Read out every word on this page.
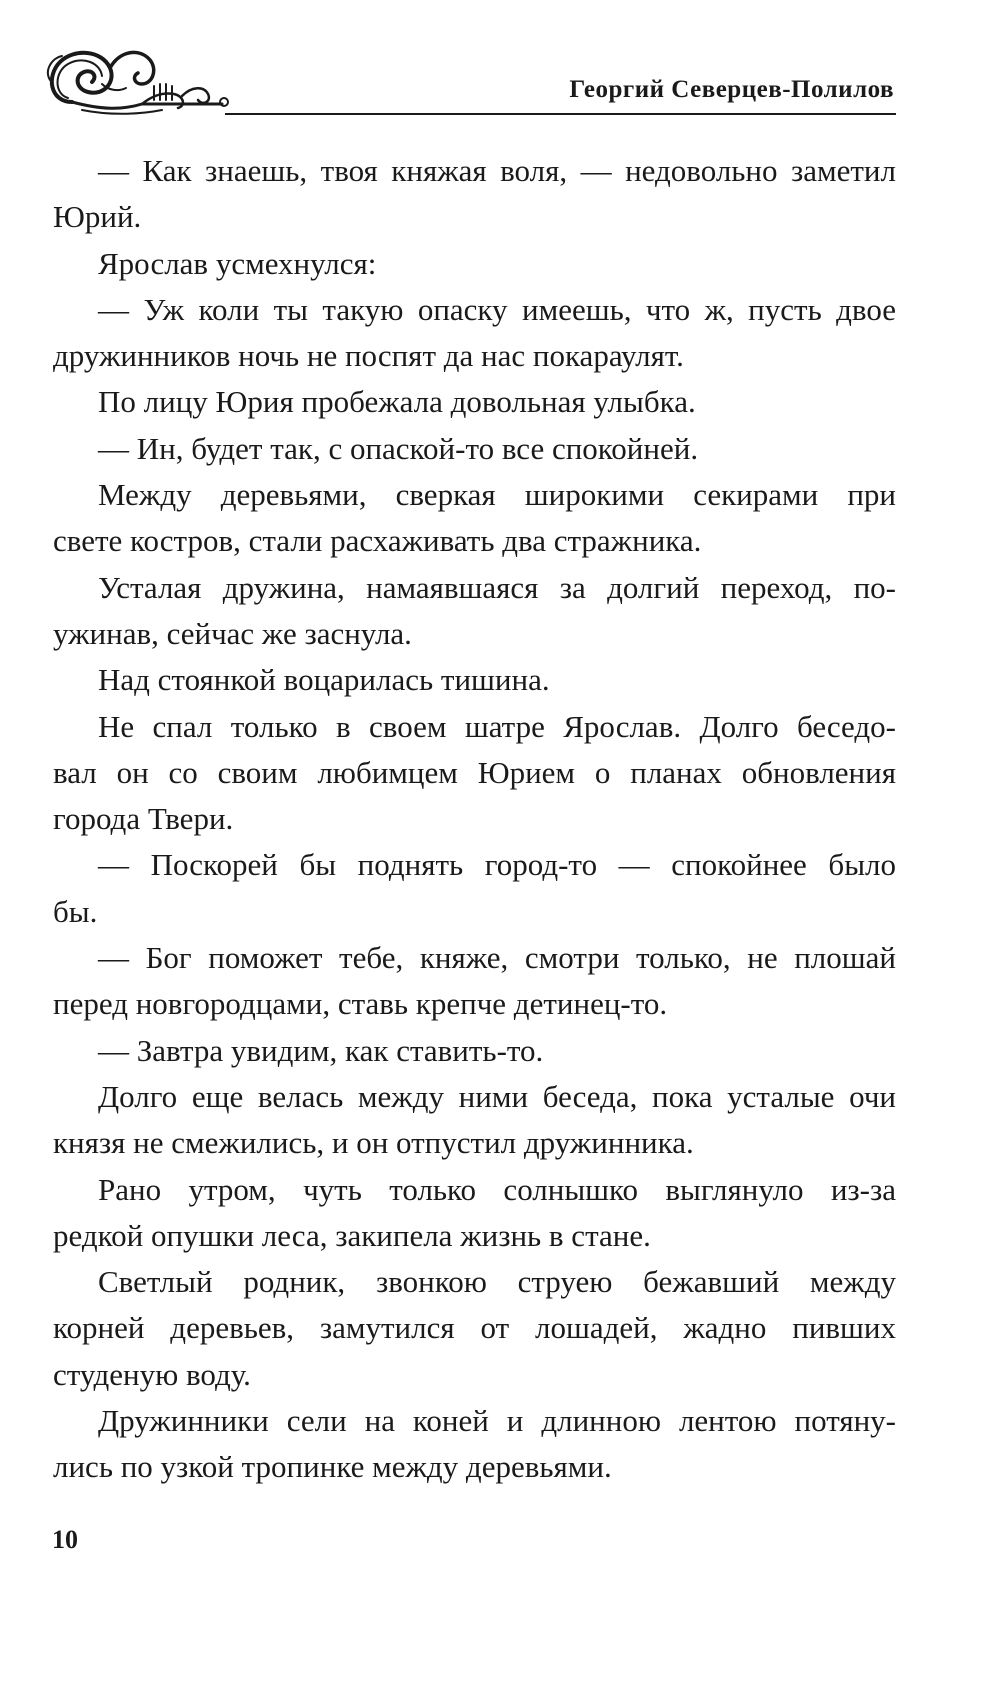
Георгий Северцев-Полилов
— Как знаешь, твоя княжая воля, — недовольно заметил
Юрий.
Ярослав усмехнулся:
— Уж коли ты такую опаску имеешь, что ж, пусть двое
дружинников ночь не поспят да нас покараулят.
По лицу Юрия пробежала довольная улыбка.
— Ин, будет так, с опаской-то все спокойней.
Между деревьями, сверкая широкими секирами при
свете костров, стали расхаживать два стражника.
Усталая дружина, намаявшаяся за долгий переход, по-
ужинав, сейчас же заснула.
Над стоянкой воцарилась тишина.
Не спал только в своем шатре Ярослав. Долго беседо-
вал он со своим любимцем Юрием о планах обновления
города Твери.
— Поскорей бы поднять город-то — спокойнее было
бы.
— Бог поможет тебе, княже, смотри только, не плошай
перед новгородцами, ставь крепче детинец-то.
— Завтра увидим, как ставить-то.
Долго еще велась между ними беседа, пока усталые очи
князя не смежились, и он отпустил дружинника.
Рано утром, чуть только солнышко выглянуло из-за
редкой опушки леса, закипела жизнь в стане.
Светлый родник, звонкою струею бежавший между
корней деревьев, замутился от лошадей, жадно пивших
студеную воду.
Дружинники сели на коней и длинною лентою потяну-
лись по узкой тропинке между деревьями.
10
